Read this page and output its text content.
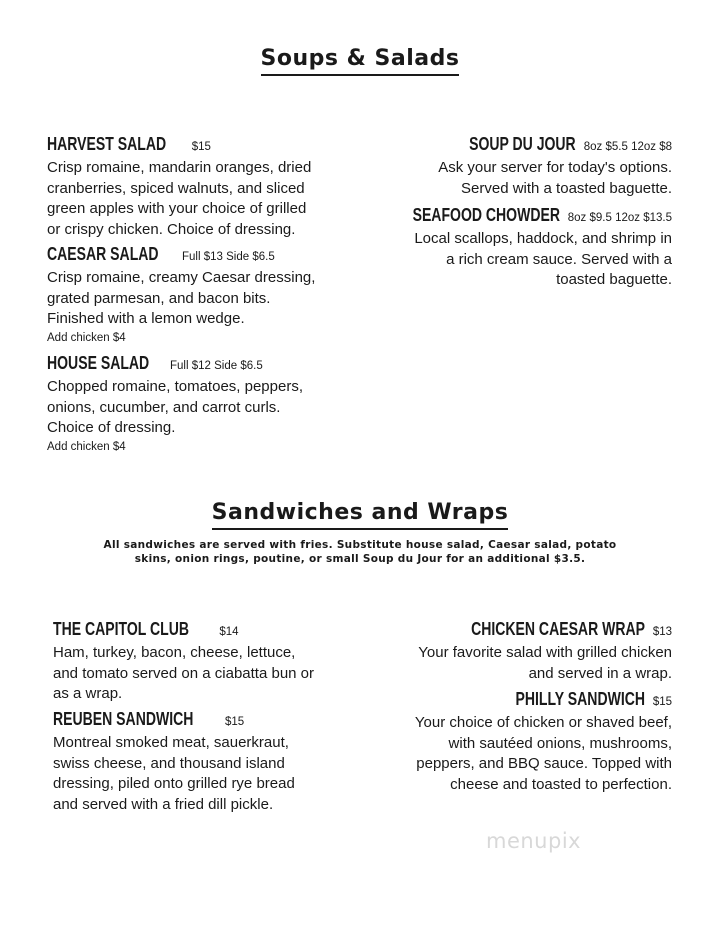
Soups & Salads
HARVEST SALAD $15
Crisp romaine, mandarin oranges, dried
cranberries, spiced walnuts, and sliced
green apples with your choice of grilled
or crispy chicken. Choice of dressing.
CAESAR SALAD Full $13 Side $6.5
Crisp romaine, creamy Caesar dressing,
grated parmesan, and bacon bits.
Finished with a lemon wedge.
Add chicken $4
HOUSE SALAD Full $12 Side $6.5
Chopped romaine, tomatoes, peppers,
onions, cucumber, and carrot curls.
Choice of dressing.
Add chicken $4
SOUP DU JOUR 8oz $5.5 12oz $8
Ask your server for today's options.
Served with a toasted baguette.
SEAFOOD CHOWDER 8oz $9.5 12oz $13.5
Local scallops, haddock, and shrimp in
a rich cream sauce. Served with a
toasted baguette.
Sandwiches and Wraps
All sandwiches are served with fries. Substitute house salad, Caesar salad, potato
skins, onion rings, poutine, or small Soup du Jour for an additional $3.5.
THE CAPITOL CLUB	$14
Ham, turkey, bacon, cheese, lettuce,
and tomato served on a ciabatta bun or
as a wrap.
REUBEN SANDWICH	$15
Montreal smoked meat, sauerkraut,
swiss cheese, and thousand island
dressing, piled onto grilled rye bread
and served with a fried dill pickle.
CHICKEN CAESAR WRAP $13
Your favorite salad with grilled chicken
and served in a wrap.
PHILLY SANDWICH $15
Your choice of chicken or shaved beef,
with sautéed onions, mushrooms,
peppers, and BBQ sauce. Topped with
cheese and toasted to perfection.
menupix
